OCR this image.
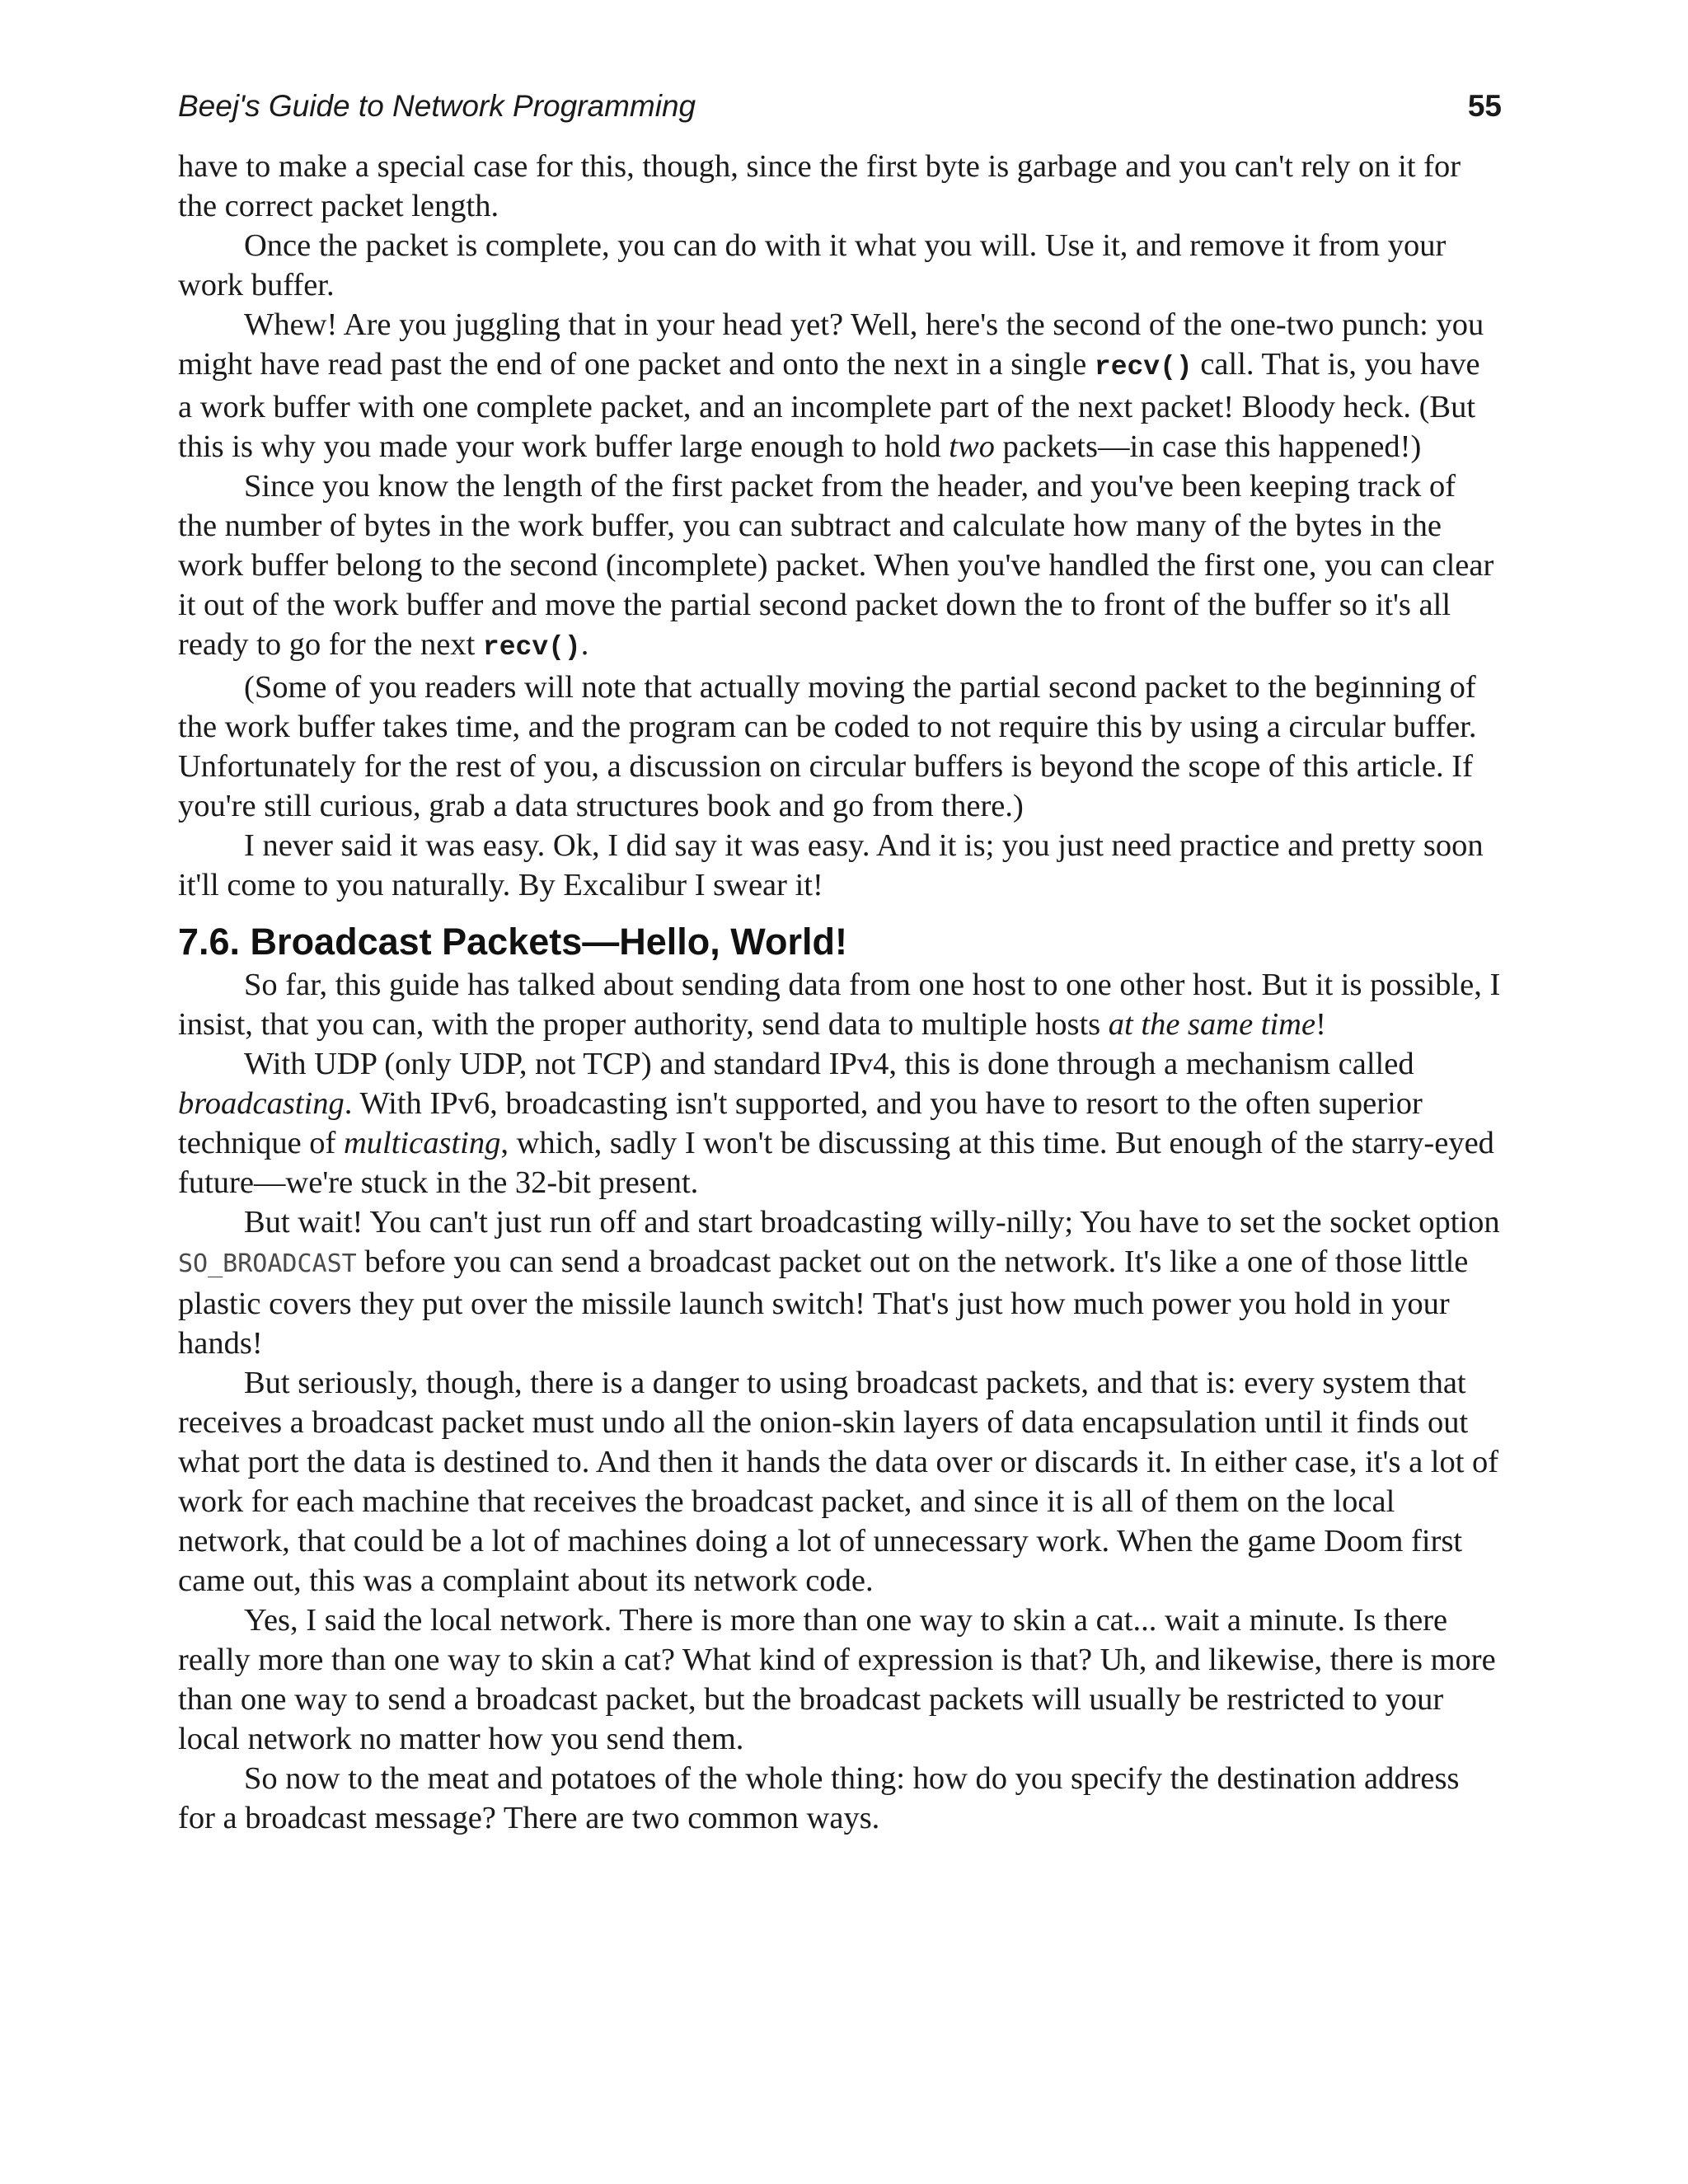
Beej's Guide to Network Programming	55

have to make a special case for this, though, since the first byte is garbage and you can't rely on it for the correct packet length.

Once the packet is complete, you can do with it what you will. Use it, and remove it from your work buffer.

Whew! Are you juggling that in your head yet? Well, here's the second of the one-two punch: you might have read past the end of one packet and onto the next in a single recv() call. That is, you have a work buffer with one complete packet, and an incomplete part of the next packet! Bloody heck. (But this is why you made your work buffer large enough to hold two packets—in case this happened!)

Since you know the length of the first packet from the header, and you've been keeping track of the number of bytes in the work buffer, you can subtract and calculate how many of the bytes in the work buffer belong to the second (incomplete) packet. When you've handled the first one, you can clear it out of the work buffer and move the partial second packet down the to front of the buffer so it's all ready to go for the next recv().

(Some of you readers will note that actually moving the partial second packet to the beginning of the work buffer takes time, and the program can be coded to not require this by using a circular buffer. Unfortunately for the rest of you, a discussion on circular buffers is beyond the scope of this article. If you're still curious, grab a data structures book and go from there.)

I never said it was easy. Ok, I did say it was easy. And it is; you just need practice and pretty soon it'll come to you naturally. By Excalibur I swear it!

7.6. Broadcast Packets—Hello, World!

So far, this guide has talked about sending data from one host to one other host. But it is possible, I insist, that you can, with the proper authority, send data to multiple hosts at the same time!

With UDP (only UDP, not TCP) and standard IPv4, this is done through a mechanism called broadcasting. With IPv6, broadcasting isn't supported, and you have to resort to the often superior technique of multicasting, which, sadly I won't be discussing at this time. But enough of the starry-eyed future—we're stuck in the 32-bit present.

But wait! You can't just run off and start broadcasting willy-nilly; You have to set the socket option SO_BROADCAST before you can send a broadcast packet out on the network. It's like a one of those little plastic covers they put over the missile launch switch! That's just how much power you hold in your hands!

But seriously, though, there is a danger to using broadcast packets, and that is: every system that receives a broadcast packet must undo all the onion-skin layers of data encapsulation until it finds out what port the data is destined to. And then it hands the data over or discards it. In either case, it's a lot of work for each machine that receives the broadcast packet, and since it is all of them on the local network, that could be a lot of machines doing a lot of unnecessary work. When the game Doom first came out, this was a complaint about its network code.

Yes, I said the local network. There is more than one way to skin a cat... wait a minute. Is there really more than one way to skin a cat? What kind of expression is that? Uh, and likewise, there is more than one way to send a broadcast packet, but the broadcast packets will usually be restricted to your local network no matter how you send them.

So now to the meat and potatoes of the whole thing: how do you specify the destination address for a broadcast message? There are two common ways.
